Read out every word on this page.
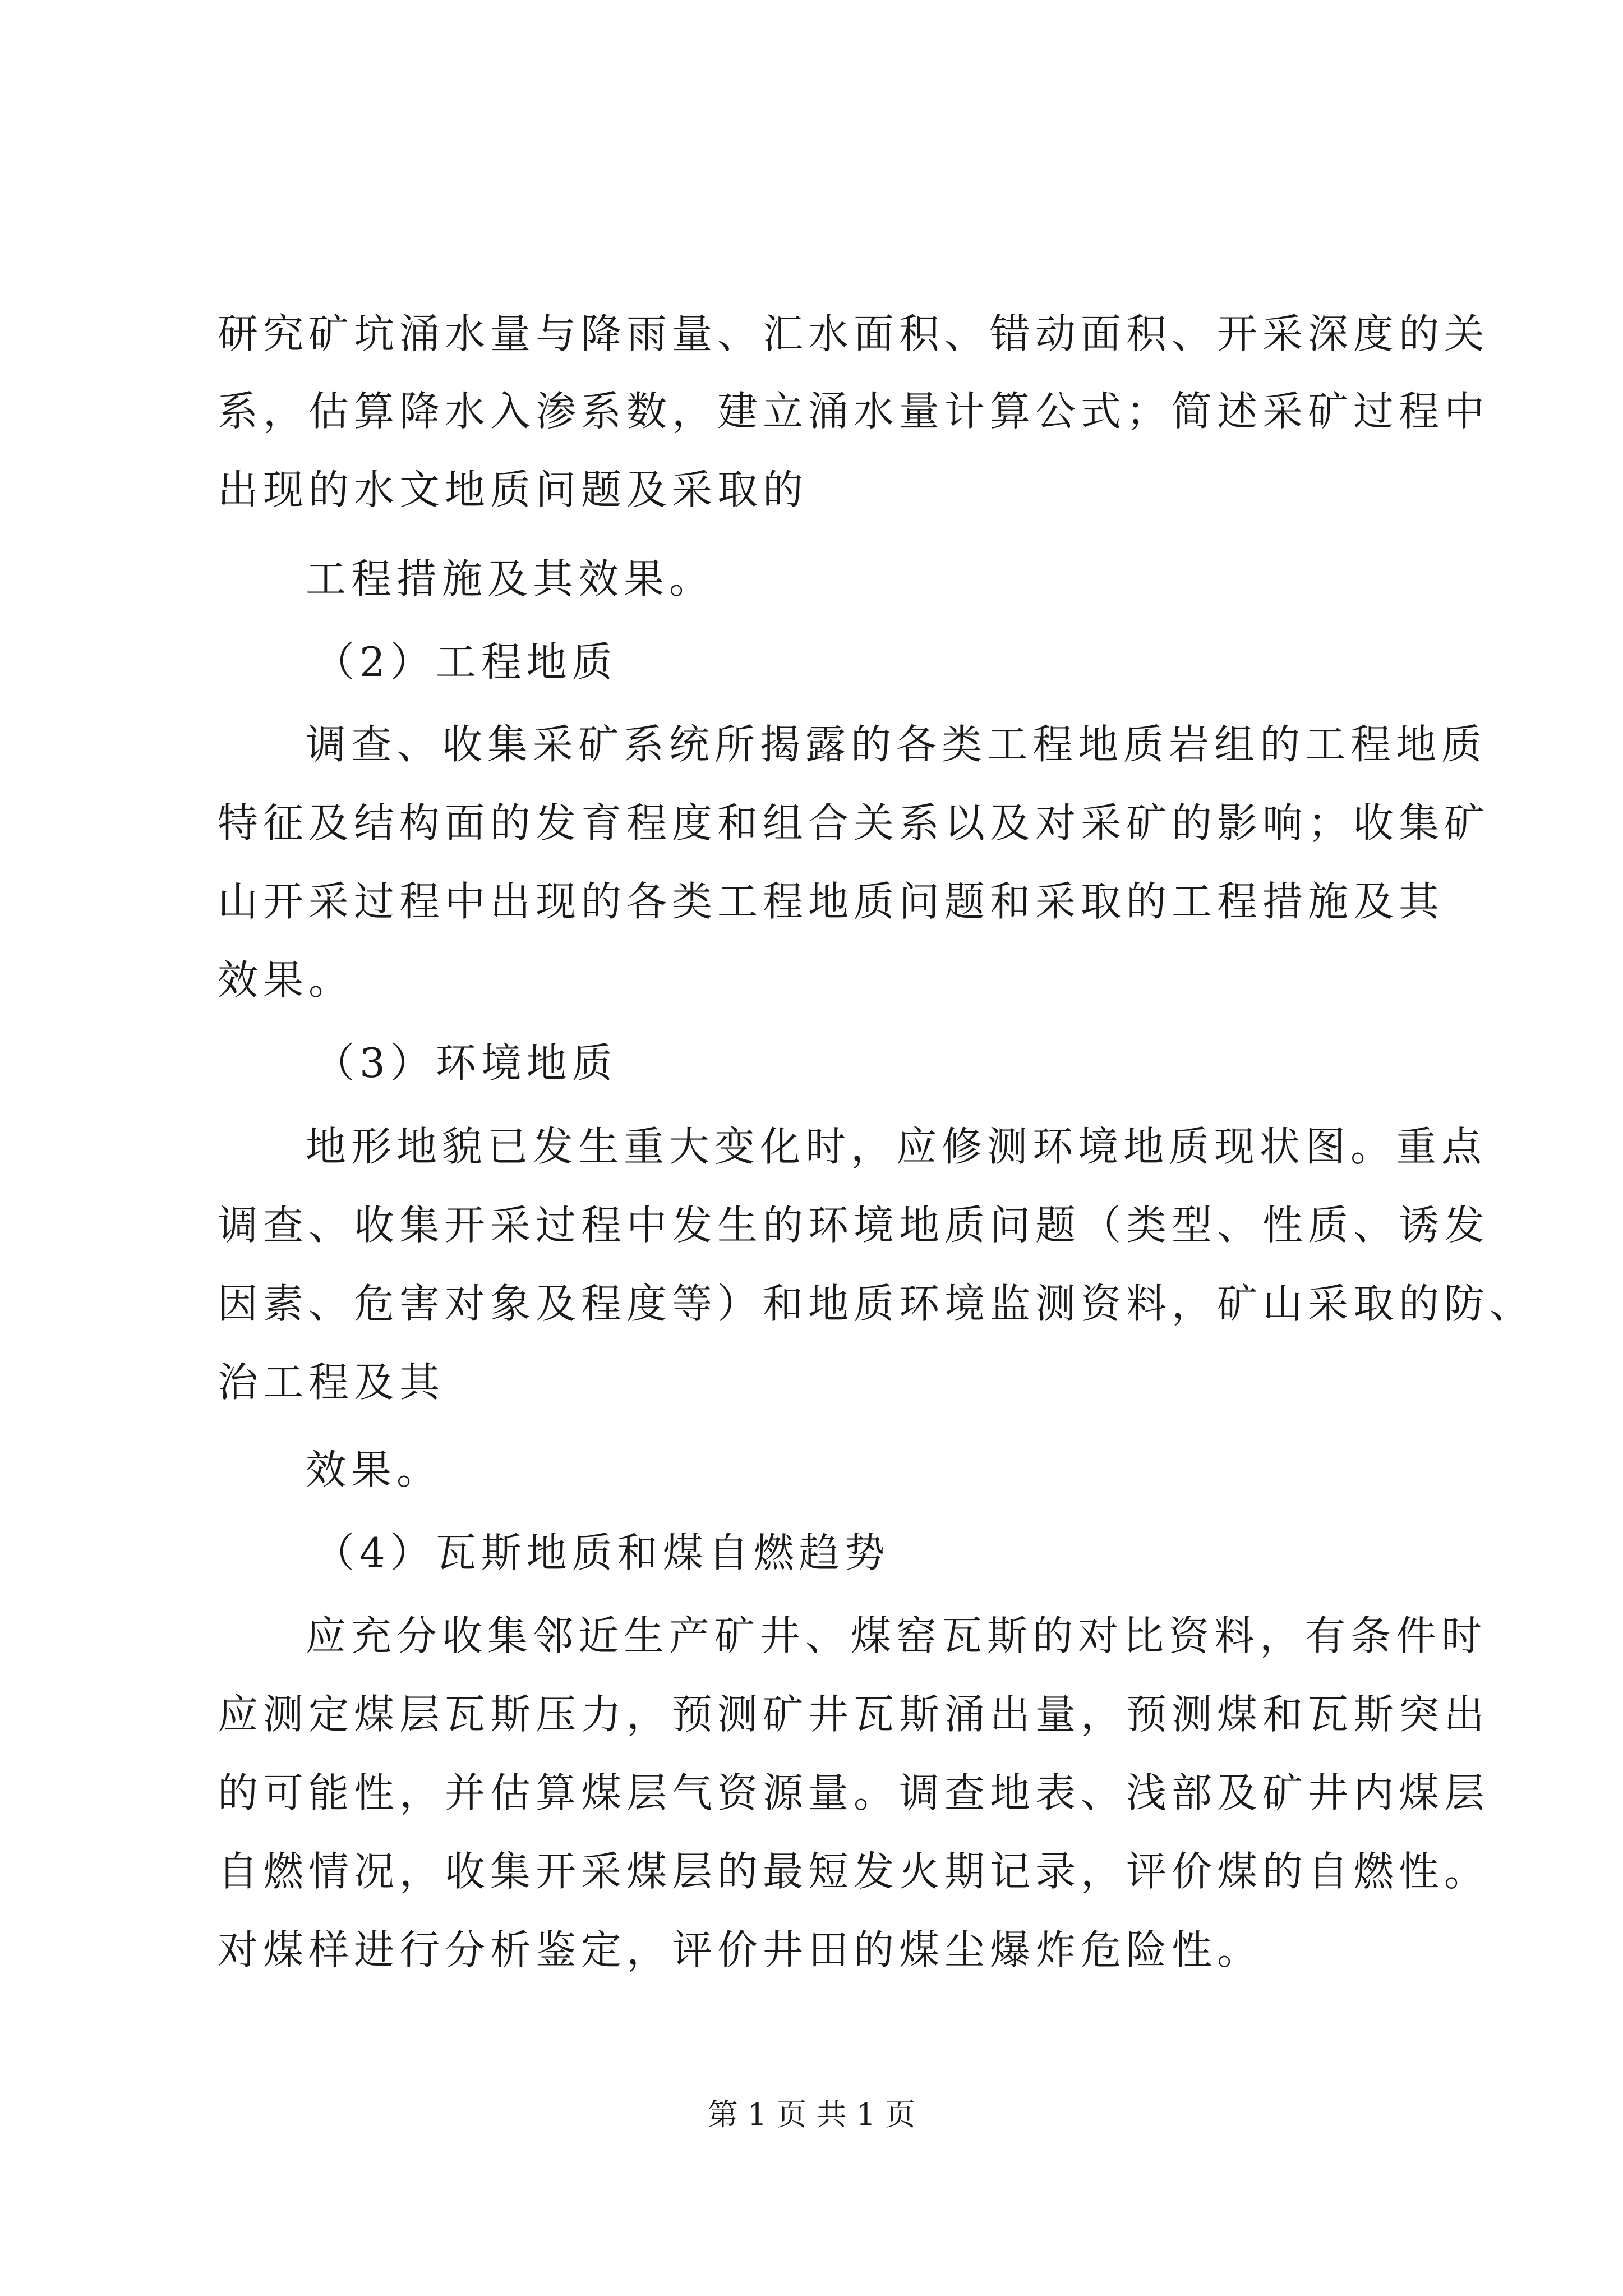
研究矿坑涌水量与降雨量、汇水面积、错动面积、开采深度的关
系，估算降水入渗系数，建立涌水量计算公式；简述采矿过程中
出现的水文地质问题及采取的
工程措施及其效果。
（2）工程地质
调查、收集采矿系统所揭露的各类工程地质岩组的工程地质
特征及结构面的发育程度和组合关系以及对采矿的影响；收集矿
山开采过程中出现的各类工程地质问题和采取的工程措施及其
效果。
（3）环境地质
地形地貌已发生重大变化时，应修测环境地质现状图。重点
调查、收集开采过程中发生的环境地质问题（类型、性质、诱发
因素、危害对象及程度等）和地质环境监测资料，矿山采取的防、
治工程及其
效果。
（4）瓦斯地质和煤自燃趋势
应充分收集邻近生产矿井、煤窑瓦斯的对比资料，有条件时
应测定煤层瓦斯压力，预测矿井瓦斯涌出量，预测煤和瓦斯突出
的可能性，并估算煤层气资源量。调查地表、浅部及矿井内煤层
自燃情况，收集开采煤层的最短发火期记录，评价煤的自燃性。
对煤样进行分析鉴定，评价井田的煤尘爆炸危险性。
第 1 页 共 1 页
